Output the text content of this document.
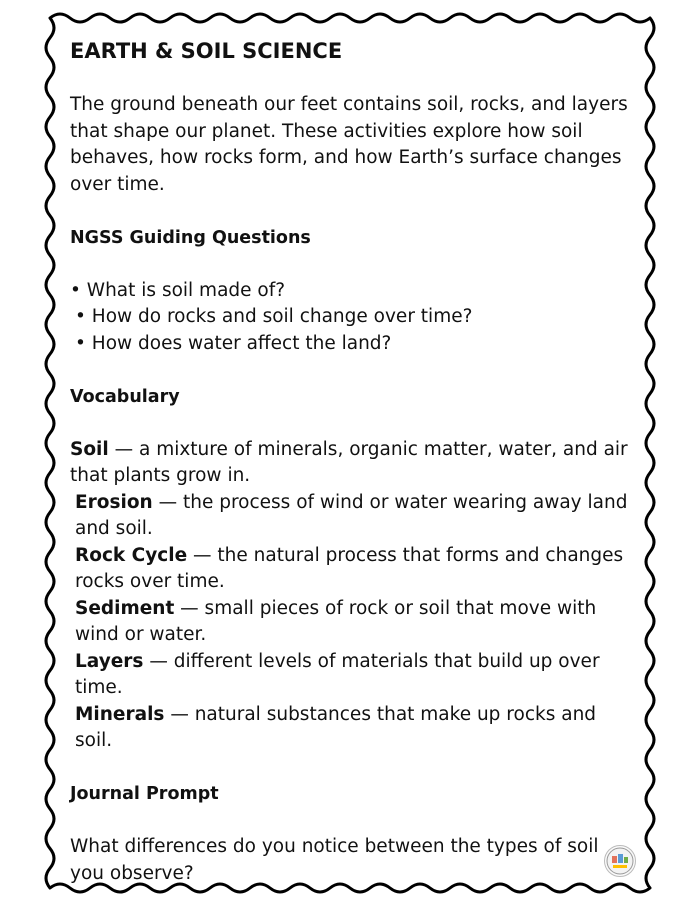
EARTH & SOIL SCIENCE

The ground beneath our feet contains soil, rocks, and layers that shape our planet. These activities explore how soil behaves, how rocks form, and how Earth’s surface changes over time.

NGSS Guiding Questions

• What is soil made of?

• How do rocks and soil change over time?

• How does water affect the land?

Vocabulary

Soil — a mixture of minerals, organic matter, water, and air that plants grow in.

Erosion — the process of wind or water wearing away land and soil.

Rock Cycle — the natural process that forms and changes rocks over time.

Sediment — small pieces of rock or soil that move with wind or water.

Layers — different levels of materials that build up over time.

Minerals — natural substances that make up rocks and soil.

Journal Prompt

What differences do you notice between the types of soil you observe?
